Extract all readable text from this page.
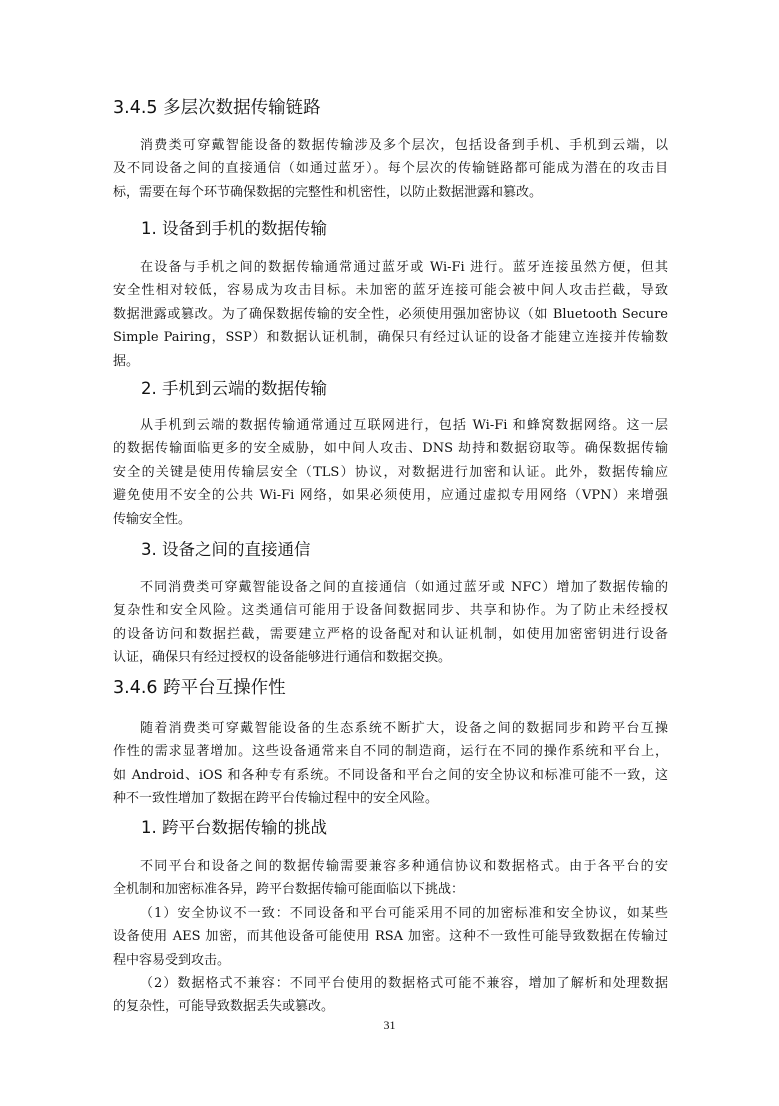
3.4.5 多层次数据传输链路
消费类可穿戴智能设备的数据传输涉及多个层次，包括设备到手机、手机到云端，以
及不同设备之间的直接通信（如通过蓝牙）。每个层次的传输链路都可能成为潜在的攻击目
标，需要在每个环节确保数据的完整性和机密性，以防止数据泄露和篡改。
1. 设备到手机的数据传输
在设备与手机之间的数据传输通常通过蓝牙或 Wi-Fi 进行。蓝牙连接虽然方便，但其
安全性相对较低，容易成为攻击目标。未加密的蓝牙连接可能会被中间人攻击拦截，导致
数据泄露或篡改。为了确保数据传输的安全性，必须使用强加密协议（如 Bluetooth Secure
Simple Pairing，SSP）和数据认证机制，确保只有经过认证的设备才能建立连接并传输数
据。
2. 手机到云端的数据传输
从手机到云端的数据传输通常通过互联网进行，包括 Wi-Fi 和蜂窝数据网络。这一层
的数据传输面临更多的安全威胁，如中间人攻击、DNS 劫持和数据窃取等。确保数据传输
安全的关键是使用传输层安全（TLS）协议，对数据进行加密和认证。此外，数据传输应
避免使用不安全的公共 Wi-Fi 网络，如果必须使用，应通过虚拟专用网络（VPN）来增强
传输安全性。
3. 设备之间的直接通信
不同消费类可穿戴智能设备之间的直接通信（如通过蓝牙或 NFC）增加了数据传输的
复杂性和安全风险。这类通信可能用于设备间数据同步、共享和协作。为了防止未经授权
的设备访问和数据拦截，需要建立严格的设备配对和认证机制，如使用加密密钥进行设备
认证，确保只有经过授权的设备能够进行通信和数据交换。
3.4.6 跨平台互操作性
随着消费类可穿戴智能设备的生态系统不断扩大，设备之间的数据同步和跨平台互操
作性的需求显著增加。这些设备通常来自不同的制造商，运行在不同的操作系统和平台上，
如 Android、iOS 和各种专有系统。不同设备和平台之间的安全协议和标准可能不一致，这
种不一致性增加了数据在跨平台传输过程中的安全风险。
1. 跨平台数据传输的挑战
不同平台和设备之间的数据传输需要兼容多种通信协议和数据格式。由于各平台的安
全机制和加密标准各异，跨平台数据传输可能面临以下挑战：
（1）安全协议不一致：不同设备和平台可能采用不同的加密标准和安全协议，如某些
设备使用 AES 加密，而其他设备可能使用 RSA 加密。这种不一致性可能导致数据在传输过
程中容易受到攻击。
（2）数据格式不兼容：不同平台使用的数据格式可能不兼容，增加了解析和处理数据
的复杂性，可能导致数据丢失或篡改。
31
